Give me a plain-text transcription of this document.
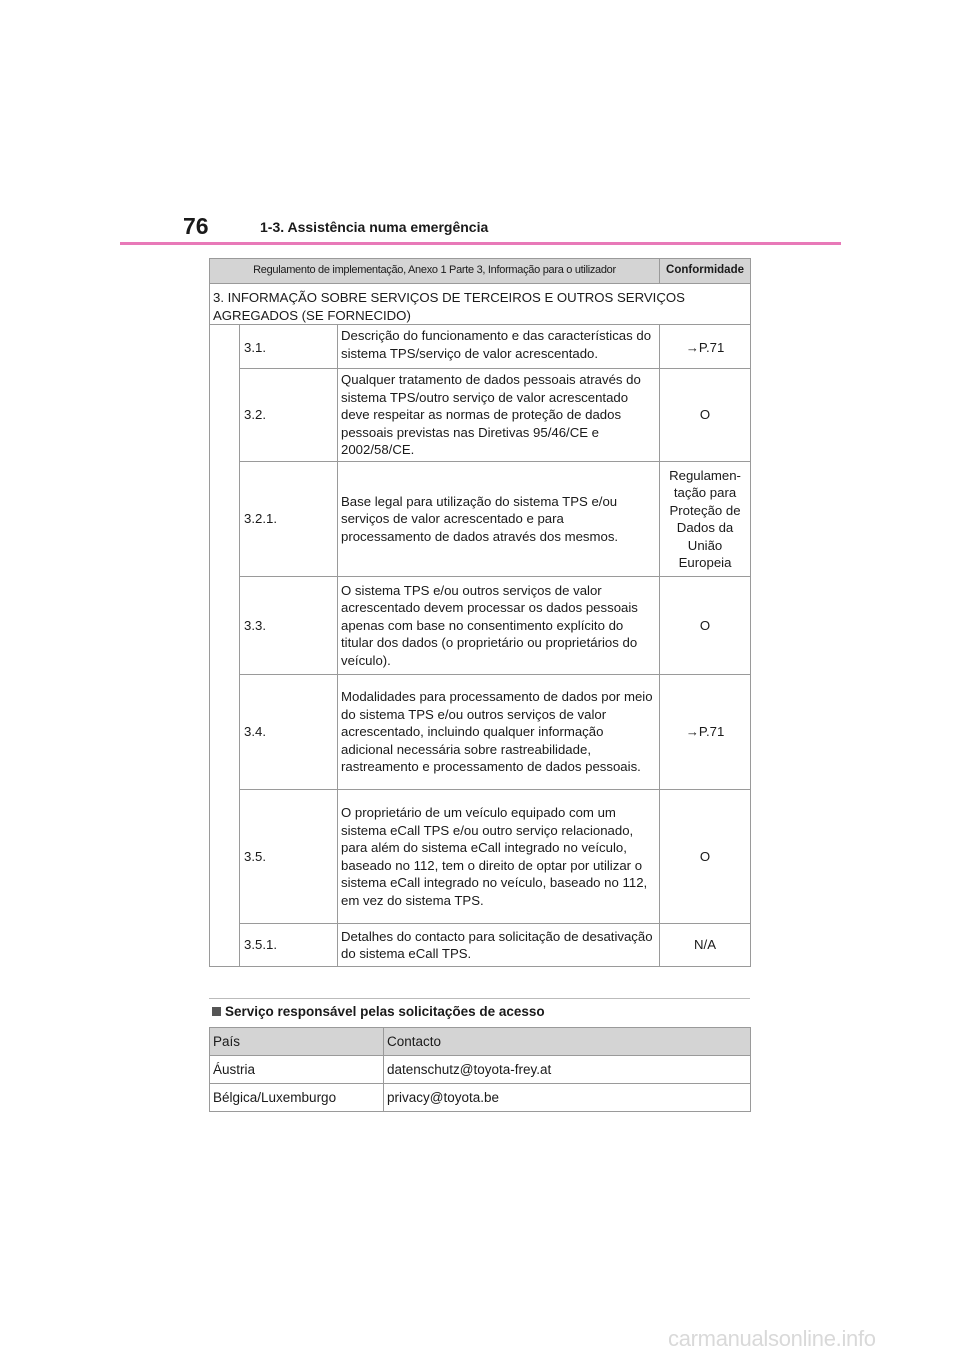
76	1-3. Assistência numa emergência
Regulamento de implementação, Anexo 1 Parte 3, Informação para o utilizador			Conformidade
3. INFORMAÇÃO SOBRE SERVIÇOS DE TERCEIROS E OUTROS SERVIÇOS AGREGADOS (SE FORNECIDO)			
	3.1.	Descrição do funcionamento e das características do sistema TPS/serviço de valor acrescentado.	→P.71
	3.2.	Qualquer tratamento de dados pessoais através do sistema TPS/outro serviço de valor acrescentado deve respeitar as normas de proteção de dados pessoais previstas nas Diretivas 95/46/CE e 2002/58/CE.	O
	3.2.1.	Base legal para utilização do sistema TPS e/ou serviços de valor acrescentado e para processamento de dados através dos mesmos.	Regulamen-tação para Proteção de Dados da União Europeia
	3.3.	O sistema TPS e/ou outros serviços de valor acrescentado devem processar os dados pessoais apenas com base no consentimento explícito do titular dos dados (o proprietário ou proprietários do veículo).	O
	3.4.	Modalidades para processamento de dados por meio do sistema TPS e/ou outros serviços de valor acrescentado, incluindo qualquer informação adicional necessária sobre rastreabilidade, rastreamento e processamento de dados pessoais.	→P.71
	3.5.	O proprietário de um veículo equipado com um sistema eCall TPS e/ou outro serviço relacionado, para além do sistema eCall integrado no veículo, baseado no 112, tem o direito de optar por utilizar o sistema eCall integrado no veículo, baseado no 112, em vez do sistema TPS.	O
	3.5.1.	Detalhes do contacto para solicitação de desativação do sistema eCall TPS.	N/A
Serviço responsável pelas solicitações de acesso
País	Contacto
Áustria	datenschutz@toyota-frey.at
Bélgica/Luxemburgo	privacy@toyota.be
carmanualsonline.info
